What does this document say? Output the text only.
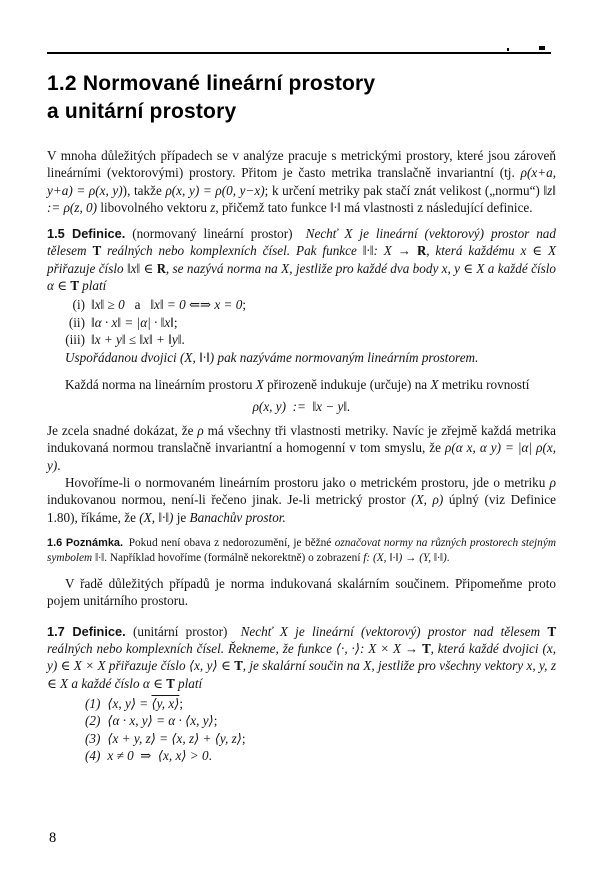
1.2 Normované lineární prostory
a unitární prostory
V mnoha důležitých případech se v analýze pracuje s metrickými prostory, které jsou zároveň lineárními (vektorovými) prostory. Přitom je často metrika translačně invariantní (tj. ρ(x+a, y+a) = ρ(x, y)), takže ρ(x, y) = ρ(0, y−x); k určení metriky pak stačí znát velikost („normu“) ‖z‖ := ρ(z, 0) libovolného vektoru z, přičemž tato funkce ‖·‖ má vlastnosti z následující definice.
1.5 Definice. (normovaný lineární prostor)  Nechť X je lineární (vektorový) prostor nad tělesem T reálných nebo komplexních čísel. Pak funkce ‖·‖: X → R, která každému x ∈ X přiřazuje číslo ‖x‖ ∈ R, se nazývá norma na X, jestliže pro každé dva body x, y ∈ X a každé číslo α ∈ T platí
(i) ‖x‖ ≥ 0   a   ‖x‖ = 0 ⇐⇒ x = 0;
(ii) ‖α · x‖ = |α| · ‖x‖;
(iii) ‖x + y‖ ≤ ‖x‖ + ‖y‖.
Uspořádanou dvojici (X, ‖·‖) pak nazýváme normovaným lineárním prostorem.
Každá norma na lineárním prostoru X přirozeně indukuje (určuje) na X metriku rovností
ρ(x, y)  :=  ‖x − y‖.
Je zcela snadné dokázat, že ρ má všechny tři vlastnosti metriky. Navíc je zřejmě každá metrika indukovaná normou translačně invariantní a homogenní v tom smyslu, že ρ(α x, α y) = |α| ρ(x, y).
Hovoříme-li o normovaném lineárním prostoru jako o metrickém prostoru, jde o metriku ρ indukovanou normou, není-li řečeno jinak. Je-li metrický prostor (X, ρ) úplný (viz Definice 1.80), říkáme, že (X, ‖·‖) je Banachův prostor.
1.6 Poznámka. Pokud není obava z nedorozumění, je běžné označovat normy na různých prostorech stejným symbolem ‖·‖. Například hovoříme (formálně nekorektně) o zobrazení f: (X, ‖·‖) → (Y, ‖·‖).
V řadě důležitých případů je norma indukovaná skalárním součinem. Připomeňme proto pojem unitárního prostoru.
1.7 Definice. (unitární prostor)  Nechť X je lineární (vektorový) prostor nad tělesem T reálných nebo komplexních čísel. Řekneme, že funkce ⟨·, ·⟩: X × X → T, která každé dvojici (x, y) ∈ X × X přiřazuje číslo ⟨x, y⟩ ∈ T, je skalární součin na X, jestliže pro všechny vektory x, y, z ∈ X a každé číslo α ∈ T platí
(1) ⟨x, y⟩ = ⟨y, x⟩;
(2) ⟨α · x, y⟩ = α · ⟨x, y⟩;
(3) ⟨x + y, z⟩ = ⟨x, z⟩ + ⟨y, z⟩;
(4) x ≠ 0  ⇒  ⟨x, x⟩ > 0.
8
